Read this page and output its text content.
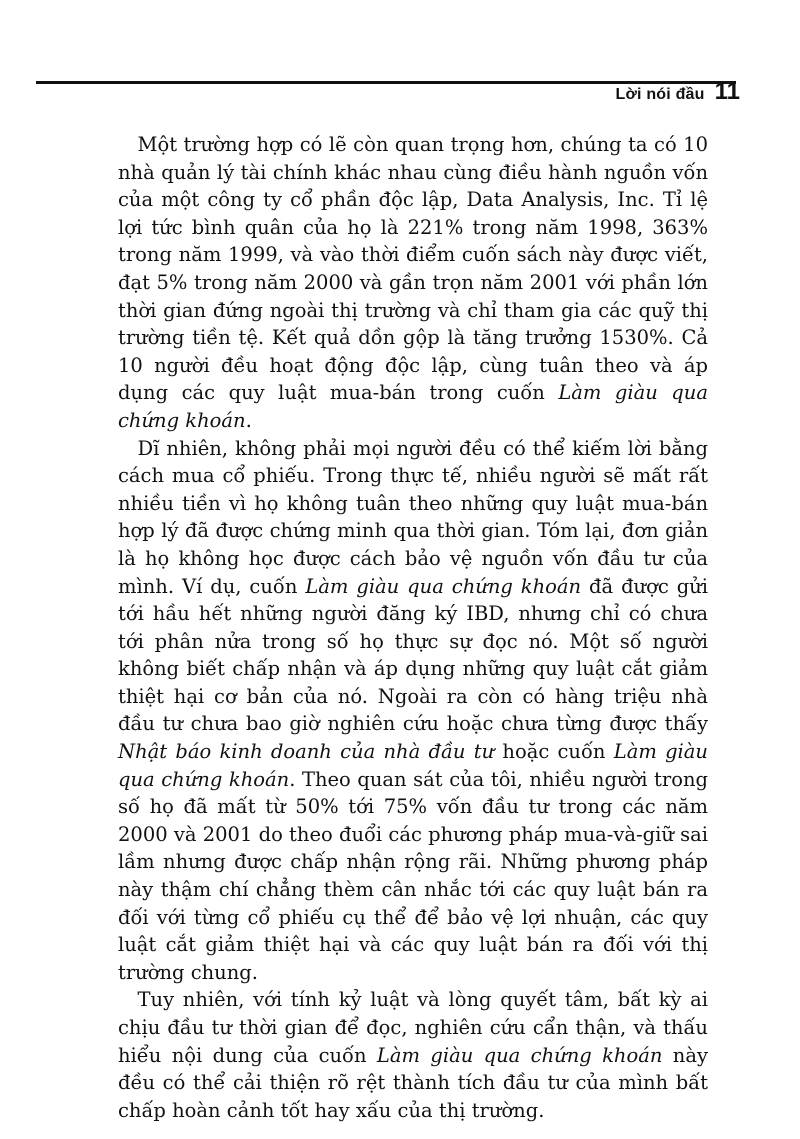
Lời nói đầu 11

 Một trường hợp có lẽ còn quan trọng hơn, chúng ta có 10 nhà quản lý tài chính khác nhau cùng điều hành nguồn vốn của một công ty cổ phần độc lập, Data Analysis, Inc. Tỉ lệ lợi tức bình quân của họ là 221% trong năm 1998, 363% trong năm 1999, và vào thời điểm cuốn sách này được viết, đạt 5% trong năm 2000 và gần trọn năm 2001 với phần lớn thời gian đứng ngoài thị trường và chỉ tham gia các quỹ thị trường tiền tệ. Kết quả dồn gộp là tăng trưởng 1530%. Cả 10 người đều hoạt động độc lập, cùng tuân theo và áp dụng các quy luật mua-bán trong cuốn Làm giàu qua chứng khoán.

 Dĩ nhiên, không phải mọi người đều có thể kiếm lời bằng cách mua cổ phiếu. Trong thực tế, nhiều người sẽ mất rất nhiều tiền vì họ không tuân theo những quy luật mua-bán hợp lý đã được chứng minh qua thời gian. Tóm lại, đơn giản là họ không học được cách bảo vệ nguồn vốn đầu tư của mình. Ví dụ, cuốn Làm giàu qua chứng khoán đã được gửi tới hầu hết những người đăng ký IBD, nhưng chỉ có chưa tới phân nửa trong số họ thực sự đọc nó. Một số người không biết chấp nhận và áp dụng những quy luật cắt giảm thiệt hại cơ bản của nó. Ngoài ra còn có hàng triệu nhà đầu tư chưa bao giờ nghiên cứu hoặc chưa từng được thấy Nhật báo kinh doanh của nhà đầu tư hoặc cuốn Làm giàu qua chứng khoán. Theo quan sát của tôi, nhiều người trong số họ đã mất từ 50% tới 75% vốn đầu tư trong các năm 2000 và 2001 do theo đuổi các phương pháp mua-và-giữ sai lầm nhưng được chấp nhận rộng rãi. Những phương pháp này thậm chí chẳng thèm cân nhắc tới các quy luật bán ra đối với từng cổ phiếu cụ thể để bảo vệ lợi nhuận, các quy luật cắt giảm thiệt hại và các quy luật bán ra đối với thị trường chung.

 Tuy nhiên, với tính kỷ luật và lòng quyết tâm, bất kỳ ai chịu đầu tư thời gian để đọc, nghiên cứu cẩn thận, và thấu hiểu nội dung của cuốn Làm giàu qua chứng khoán này đều có thể cải thiện rõ rệt thành tích đầu tư của mình bất chấp hoàn cảnh tốt hay xấu của thị trường.
